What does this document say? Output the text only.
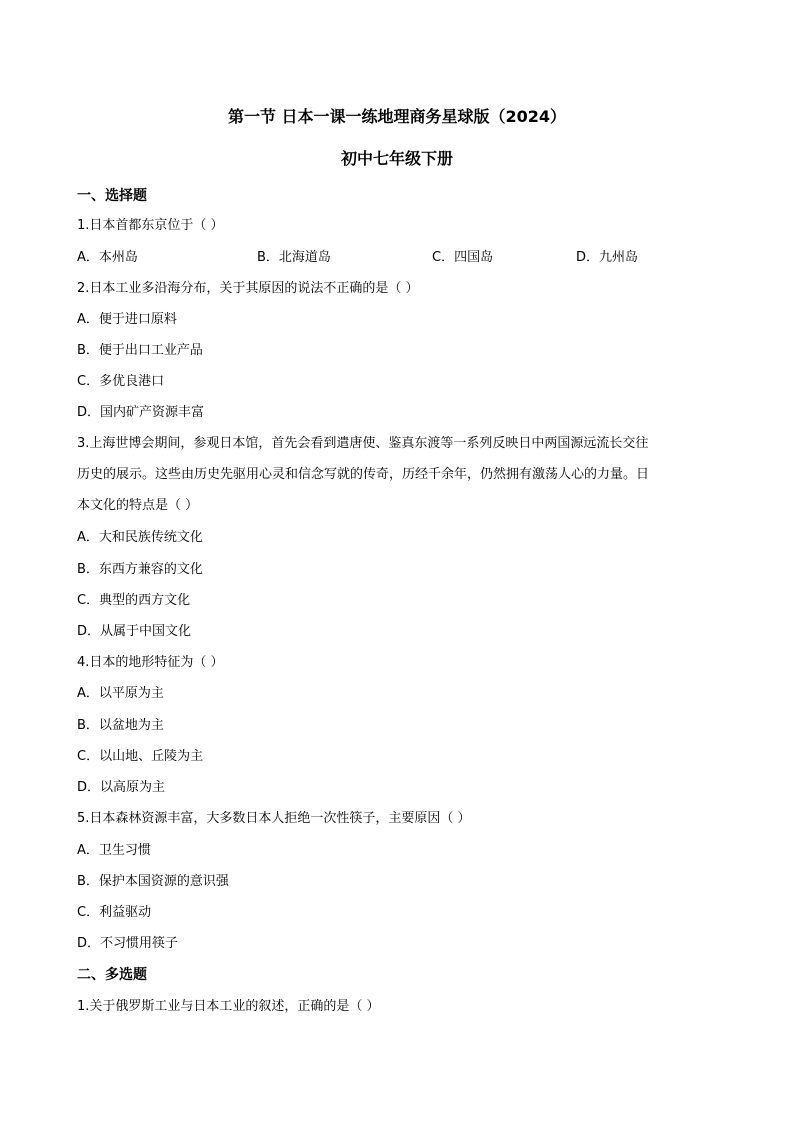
第一节 日本一课一练地理商务星球版（2024）
初中七年级下册
一、选择题
1.日本首都东京位于（ ）
A．本州岛	B．北海道岛	C．四国岛	D．九州岛
2.日本工业多沿海分布，关于其原因的说法不正确的是（ ）
A．便于进口原料
B．便于出口工业产品
C．多优良港口
D．国内矿产资源丰富
3.上海世博会期间，参观日本馆，首先会看到遣唐使、鉴真东渡等一系列反映日中两国源远流长交往
历史的展示。这些由历史先驱用心灵和信念写就的传奇，历经千余年，仍然拥有激荡人心的力量。日
本文化的特点是（ ）
A．大和民族传统文化
B．东西方兼容的文化
C．典型的西方文化
D．从属于中国文化
4.日本的地形特征为（ ）
A．以平原为主
B．以盆地为主
C．以山地、丘陵为主
D．以高原为主
5.日本森林资源丰富，大多数日本人拒绝一次性筷子，主要原因（ ）
A．卫生习惯
B．保护本国资源的意识强
C．利益驱动
D．不习惯用筷子
二、多选题
1.关于俄罗斯工业与日本工业的叙述，正确的是（ ）
